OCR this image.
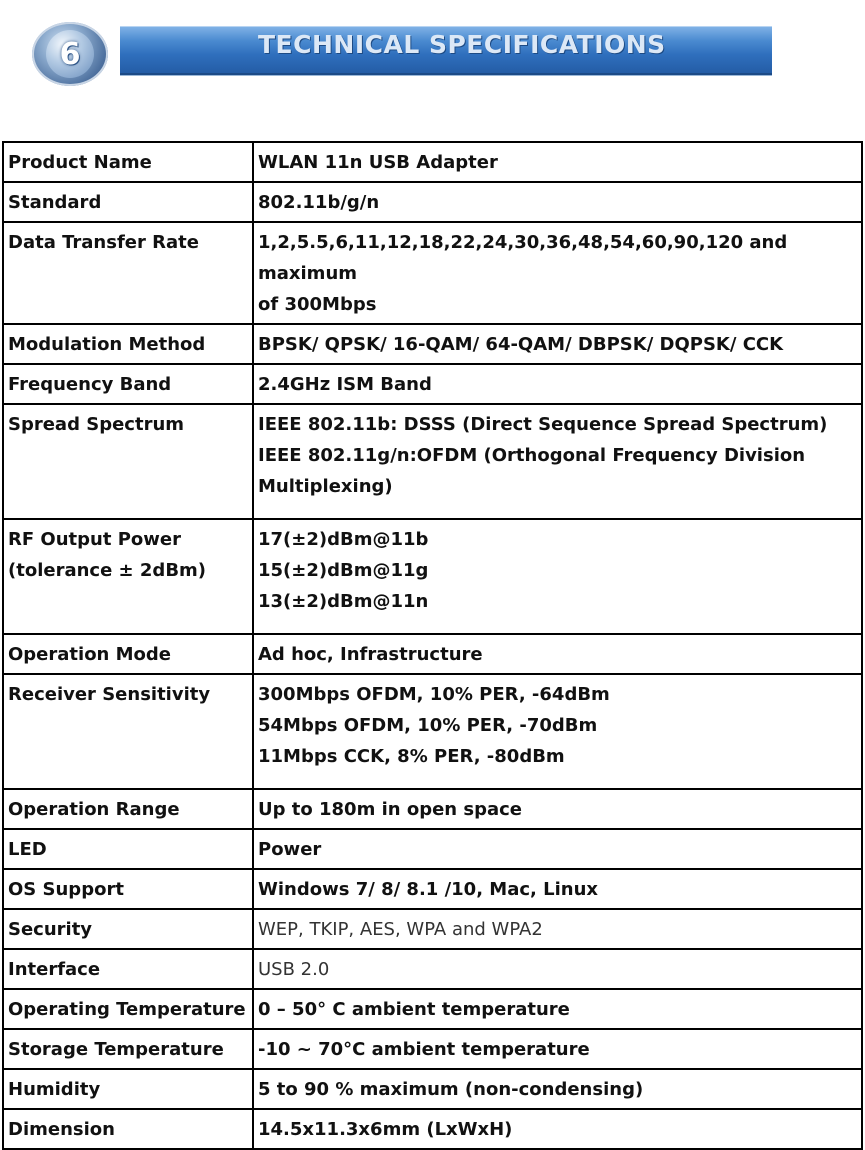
6	TECHNICAL SPECIFICATIONS
Product Name	WLAN 11n USB Adapter

Standard	802.11b/g/n

Data Transfer Rate	1,2,5.5,6,11,12,18,22,24,30,36,48,54,60,90,120 and maximum
of 300Mbps

Modulation Method	BPSK/ QPSK/ 16-QAM/ 64-QAM/ DBPSK/ DQPSK/ CCK

Frequency Band	2.4GHz ISM Band

Spread Spectrum	IEEE 802.11b: DSSS (Direct Sequence Spread Spectrum)
IEEE 802.11g/n:OFDM (Orthogonal Frequency Division
Multiplexing)

RF Output Power
(tolerance ± 2dBm)	17(±2)dBm@11b
15(±2)dBm@11g
13(±2)dBm@11n

Operation Mode	Ad hoc, Infrastructure

Receiver Sensitivity	300Mbps OFDM, 10% PER, -64dBm
54Mbps OFDM, 10% PER, -70dBm
11Mbps CCK, 8% PER, -80dBm

Operation Range	Up to 180m in open space

LED	Power

OS Support	Windows 7/ 8/ 8.1 /10, Mac, Linux

Security	WEP, TKIP, AES, WPA and WPA2

Interface	USB 2.0

Operating Temperature	0 – 50° C ambient temperature

Storage Temperature	-10 ~ 70°C ambient temperature

Humidity	5 to 90 % maximum (non-condensing)

Dimension	14.5x11.3x6mm (LxWxH)
